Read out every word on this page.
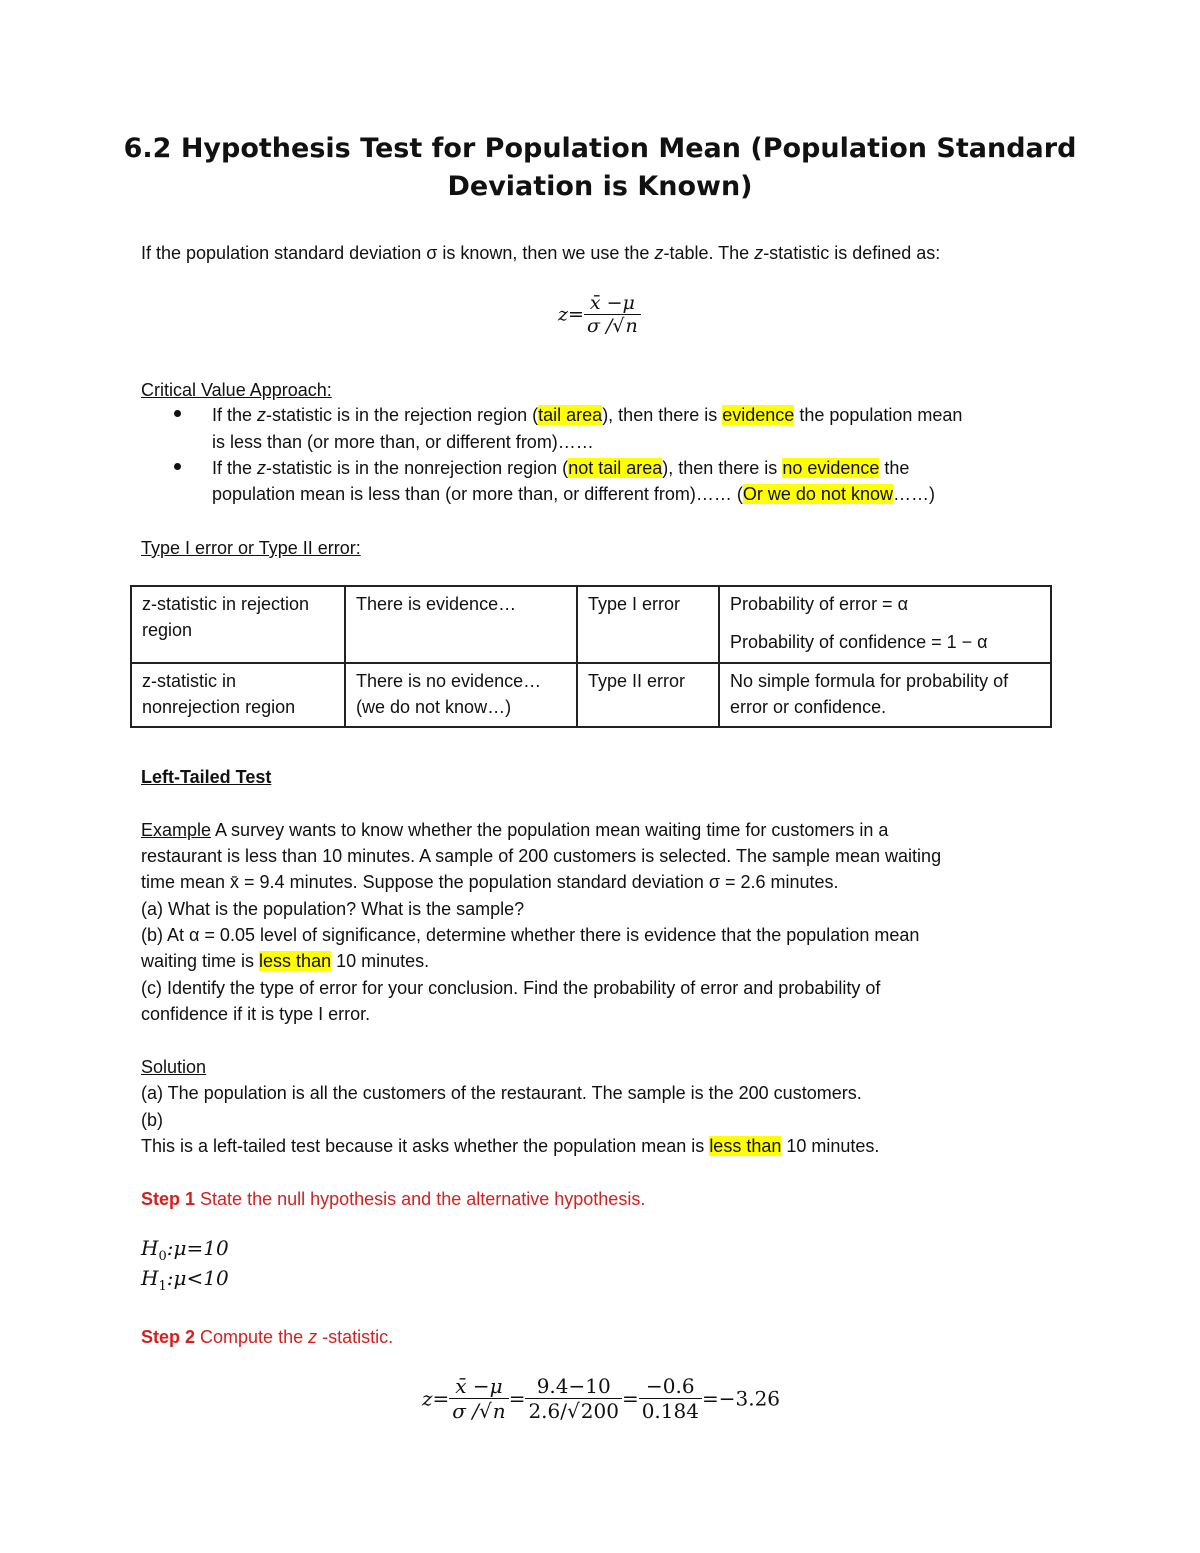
6.2 Hypothesis Test for Population Mean (Population Standard
Deviation is Known)
If the population standard deviation σ is known, then we use the z-table. The z-statistic is defined as:
$z= \frac{x̄ -\mu}{\sigma /√n}$
Critical Value Approach:
If the z-statistic is in the rejection region (tail area), then there is evidence the population mean
is less than (or more than, or different from)……
If the z-statistic is in the nonrejection region (not tail area), then there is no evidence the
population mean is less than (or more than, or different from)…… (Or we do not know……)
Type I error or Type II error:
z-statistic in rejection region	There is evidence…	Type I error	Probability of error = α
Probability of confidence = 1 − α

z-statistic in nonrejection region	There is no evidence…
(we do not know…)	Type II error	No simple formula for probability of error or confidence.
Left-Tailed Test
Example A survey wants to know whether the population mean waiting time for customers in a
restaurant is less than 10 minutes. A sample of 200 customers is selected. The sample mean waiting
time mean x̄ = 9.4 minutes. Suppose the population standard deviation σ = 2.6 minutes.
(a) What is the population? What is the sample?
(b) At α = 0.05 level of significance, determine whether there is evidence that the population mean
waiting time is less than 10 minutes.
(c) Identify the type of error for your conclusion. Find the probability of error and probability of
confidence if it is type I error.
Solution
(a) The population is all the customers of the restaurant. The sample is the 200 customers.
(b)
This is a left-tailed test because it asks whether the population mean is less than 10 minutes.
Step 1 State the null hypothesis and the alternative hypothesis.
$H_0:\mu=10$
$H_1:\mu<10$
Step 2 Compute the z -statistic.
$z= \frac{x̄ -\mu}{\sigma /√n} = \frac{9.4-10}{2.6/√200} = \frac{-0.6}{0.184} =-3.26$
